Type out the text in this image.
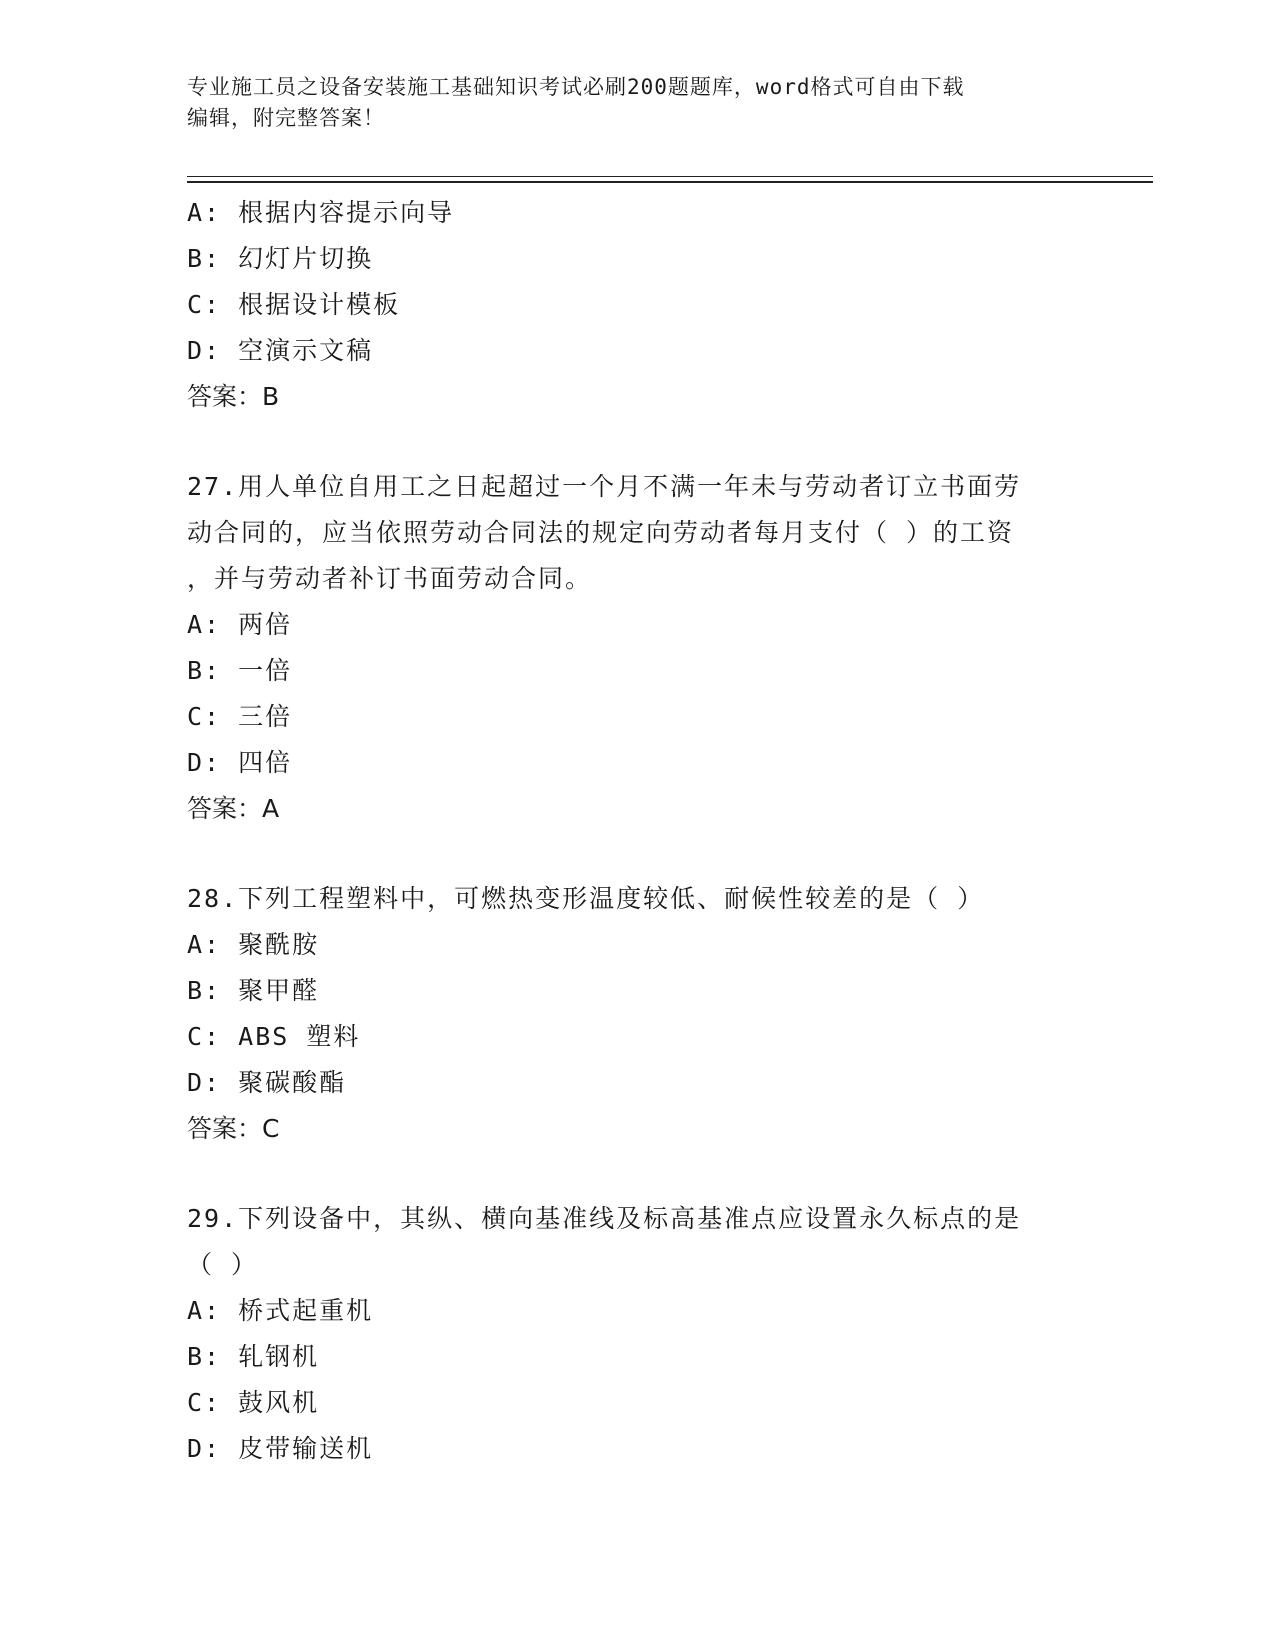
专业施工员之设备安装施工基础知识考试必刷200题题库，word格式可自由下载
编辑，附完整答案！
A: 根据内容提示向导
B: 幻灯片切换
C: 根据设计模板
D: 空演示文稿
答案：B
27.用人单位自用工之日起超过一个月不满一年未与劳动者订立书面劳
动合同的，应当依照劳动合同法的规定向劳动者每月支付（ ）的工资
，并与劳动者补订书面劳动合同。
A: 两倍
B: 一倍
C: 三倍
D: 四倍
答案：A
28.下列工程塑料中，可燃热变形温度较低、耐候性较差的是（ ）
A: 聚酰胺
B: 聚甲醛
C: ABS 塑料
D: 聚碳酸酯
答案：C
29.下列设备中，其纵、横向基准线及标高基准点应设置永久标点的是
（ ）
A: 桥式起重机
B: 轧钢机
C: 鼓风机
D: 皮带输送机
